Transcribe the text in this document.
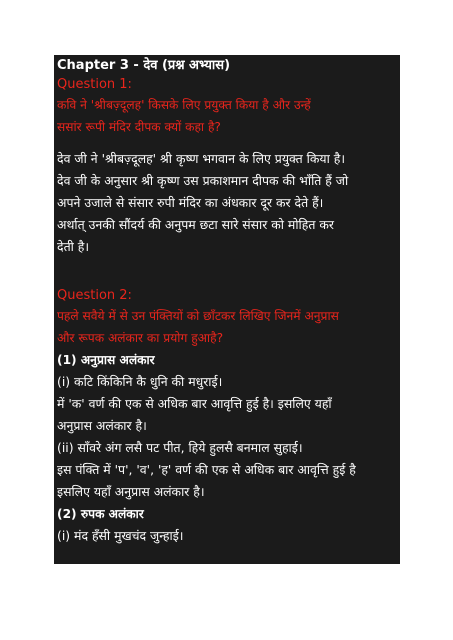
Chapter 3 - देव (प्रश्न अभ्यास)
Question 1:
कवि ने 'श्रीबज़्दूलह' किसके लिए प्रयुक्त किया है और उन्हें
ससांर रूपी मंदिर दीपक क्यों कहा है?
देव जी ने 'श्रीबज़्दूलह' श्री कृष्ण भगवान के लिए प्रयुक्त किया है।
देव जी के अनुसार श्री कृष्ण उस प्रकाशमान दीपक की भाँति हैं जो
अपने उजाले से संसार रुपी मंदिर का अंधकार दूर कर देते हैं।
अर्थात् उनकी सौंदर्य की अनुपम छटा सारे संसार को मोहित कर
देती है।
Question 2:
पहले सवैये में से उन पंक्तियों को छाँटकर लिखिए जिनमें अनुप्रास
और रूपक अलंकार का प्रयोग हुआहै?
(1) अनुप्रास अलंकार
(i) कटि किंकिनि कै धुनि की मधुराई।
में 'क' वर्ण की एक से अधिक बार आवृत्ति हुई है। इसलिए यहाँ
अनुप्रास अलंकार है।
(ii) साँवरे अंग लसै पट पीत, हिये हुलसै बनमाल सुहाई।
इस पंक्ति में 'प', 'व', 'ह' वर्ण की एक से अधिक बार आवृत्ति हुई है
इसलिए यहाँ अनुप्रास अलंकार है।
(2) रुपक अलंकार
(i) मंद हँसी मुखचंद जुन्हाई।
